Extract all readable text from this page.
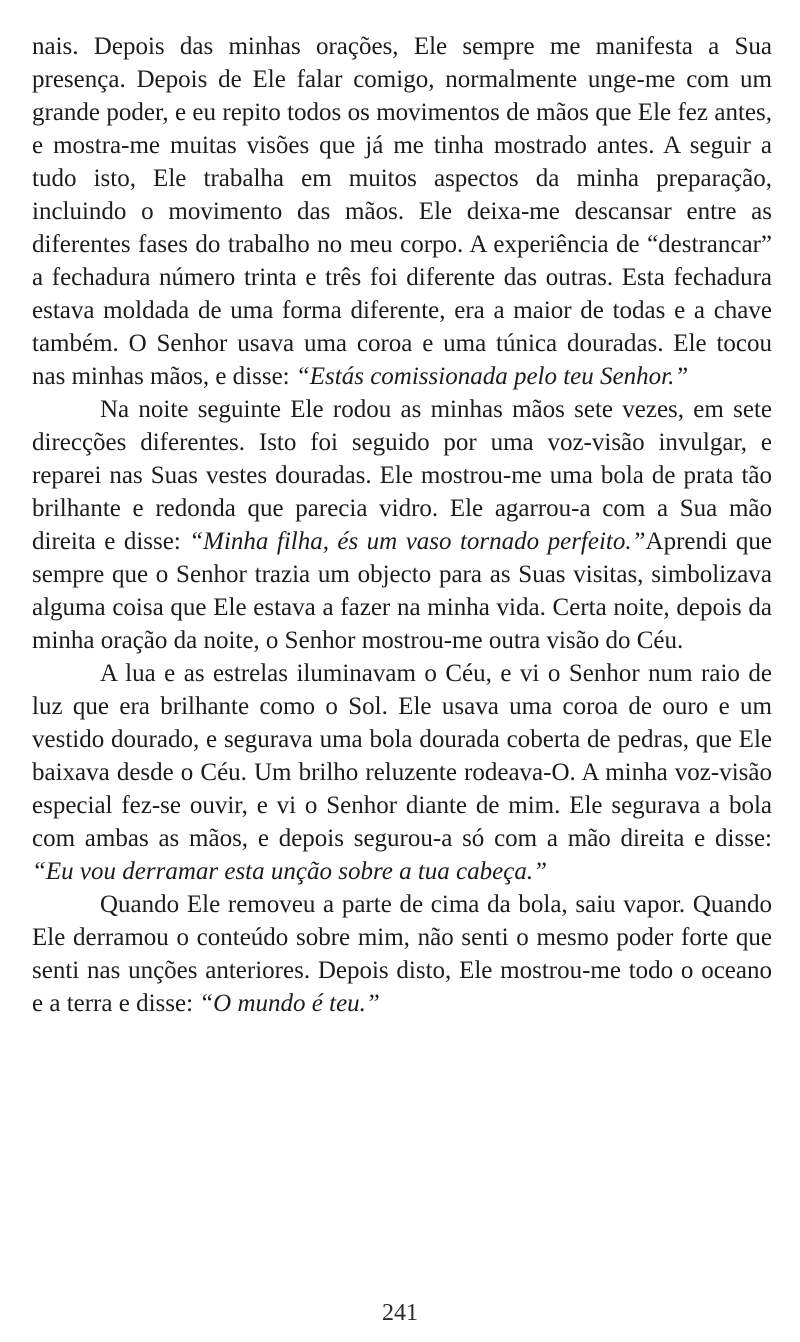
nais. Depois das minhas orações, Ele sempre me manifesta a Sua presença. Depois de Ele falar comigo, normalmente unge-me com um grande poder, e eu repito todos os movimentos de mãos que Ele fez antes, e mostra-me muitas visões que já me tinha mostrado antes. A seguir a tudo isto, Ele trabalha em muitos aspectos da minha preparação, incluindo o movimento das mãos. Ele deixa-me descansar entre as diferentes fases do trabalho no meu corpo. A experiência de “destrancar” a fechadura número trinta e três foi diferente das outras. Esta fechadura estava moldada de uma forma diferente, era a maior de todas e a chave também. O Senhor usava uma coroa e uma túnica douradas. Ele tocou nas minhas mãos, e disse: “Estás comissionada pelo teu Senhor.”

Na noite seguinte Ele rodou as minhas mãos sete vezes, em sete direcções diferentes. Isto foi seguido por uma voz-visão invulgar, e reparei nas Suas vestes douradas. Ele mostrou-me uma bola de prata tão brilhante e redonda que parecia vidro. Ele agarrou-a com a Sua mão direita e disse: “Minha filha, és um vaso tornado perfeito.”Aprendi que sempre que o Senhor trazia um objecto para as Suas visitas, simbolizava alguma coisa que Ele estava a fazer na minha vida. Certa noite, depois da minha oração da noite, o Senhor mostrou-me outra visão do Céu.

A lua e as estrelas iluminavam o Céu, e vi o Senhor num raio de luz que era brilhante como o Sol. Ele usava uma coroa de ouro e um vestido dourado, e segurava uma bola dourada coberta de pedras, que Ele baixava desde o Céu. Um brilho reluzente rodeava-O. A minha voz-visão especial fez-se ouvir, e vi o Senhor diante de mim. Ele segurava a bola com ambas as mãos, e depois segurou-a só com a mão direita e disse: “Eu vou derramar esta unção sobre a tua cabeça.”

Quando Ele removeu a parte de cima da bola, saiu vapor. Quando Ele derramou o conteúdo sobre mim, não senti o mesmo poder forte que senti nas unções anteriores. Depois disto, Ele mostrou-me todo o oceano e a terra e disse: “O mundo é teu.”

241
